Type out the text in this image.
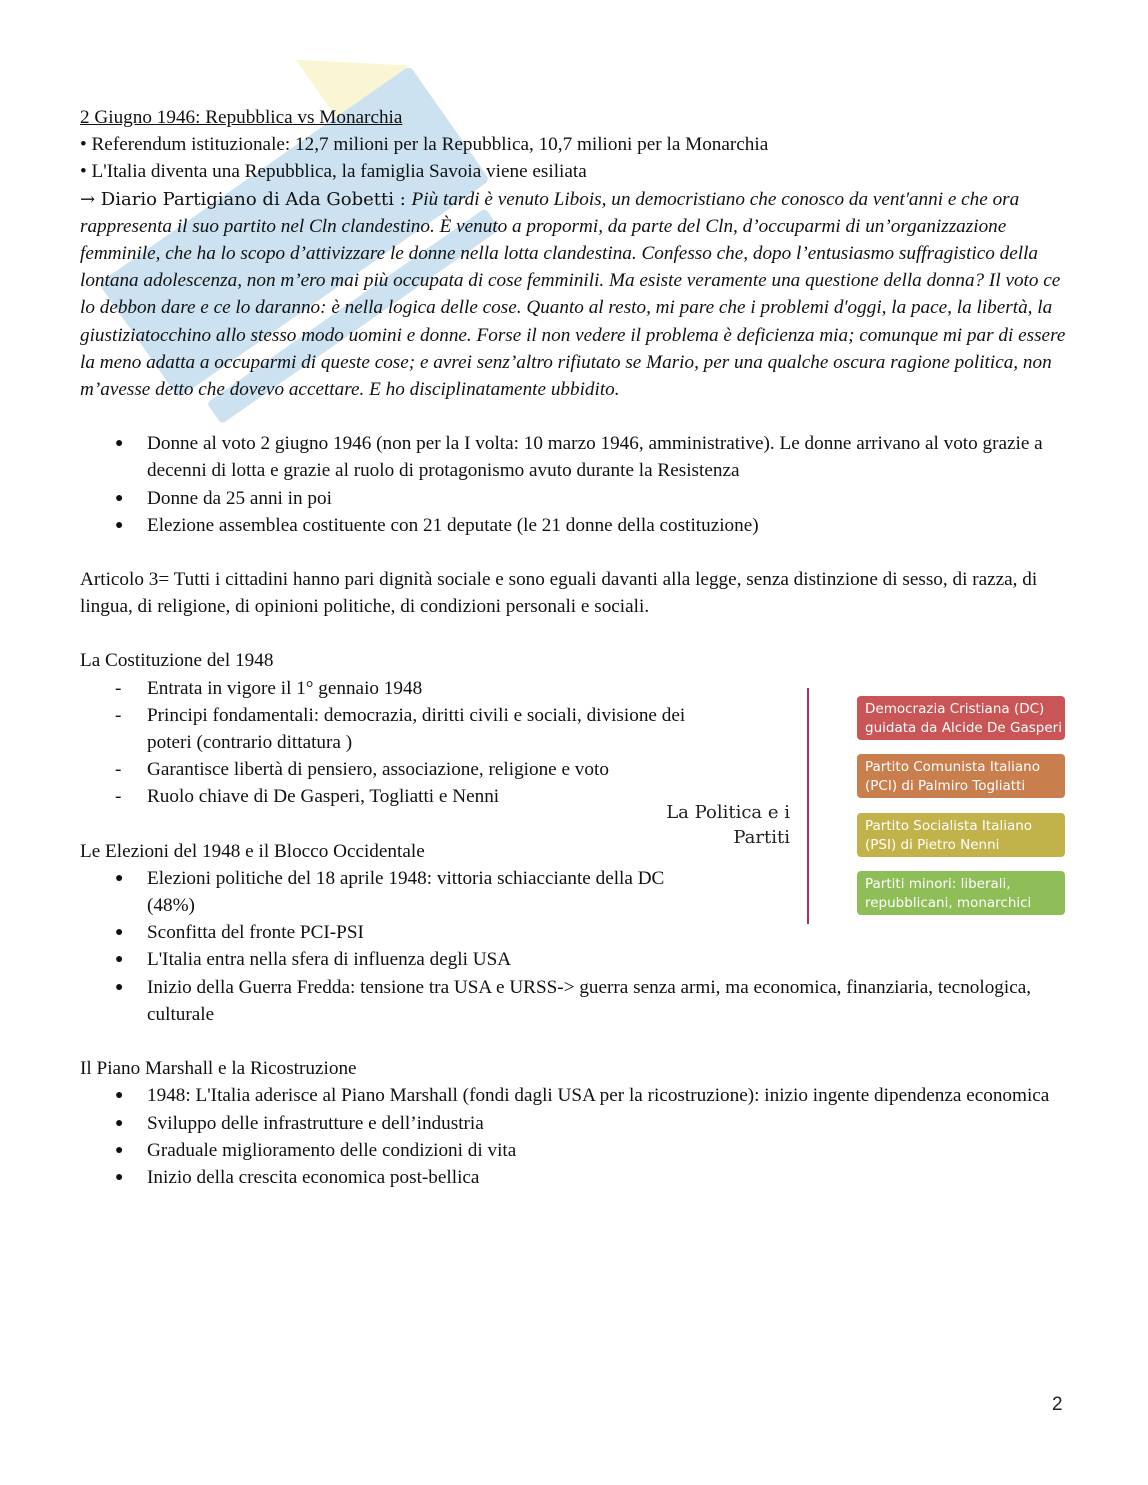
2 Giugno 1946: Repubblica vs Monarchia

• Referendum istituzionale: 12,7 milioni per la Repubblica, 10,7 milioni per la Monarchia

• L'Italia diventa una Repubblica, la famiglia Savoia viene esiliata

→ Diario Partigiano di Ada Gobetti : Più tardi è venuto Libois, un democristiano che conosco da vent'anni e che ora rappresenta il suo partito nel Cln clandestino. È venuto a propormi, da parte del Cln, d’occuparmi di un’organizzazione femminile, che ha lo scopo d’attivizzare le donne nella lotta clandestina. Confesso che, dopo l’entusiasmo suffragistico della lontana adolescenza, non m’ero mai più occupata di cose femminili. Ma esiste veramente una questione della donna? Il voto ce lo debbon dare e ce lo daranno: è nella logica delle cose. Quanto al resto, mi pare che i problemi d'oggi, la pace, la libertà, la giustiziatocchino allo stesso modo uomini e donne. Forse il non vedere il problema è deficienza mia; comunque mi par di essere la meno adatta a occuparmi di queste cose; e avrei senz’altro rifiutato se Mario, per una qualche oscura ragione politica, non m’avesse detto che dovevo accettare. E ho disciplinatamente ubbidito.

● Donne al voto 2 giugno 1946 (non per la I volta: 10 marzo 1946, amministrative). Le donne arrivano al voto grazie a decenni di lotta e grazie al ruolo di protagonismo avuto durante la Resistenza
● Donne da 25 anni in poi
● Elezione assemblea costituente con 21 deputate (le 21 donne della costituzione)

Articolo 3= Tutti i cittadini hanno pari dignità sociale e sono eguali davanti alla legge, senza distinzione di sesso, di razza, di lingua, di religione, di opinioni politiche, di condizioni personali e sociali.

La Costituzione del 1948

- Entrata in vigore il 1° gennaio 1948
- Principi fondamentali: democrazia, diritti civili e sociali, divisione dei poteri (contrario dittatura )
- Garantisce libertà di pensiero, associazione, religione e voto
- Ruolo chiave di De Gasperi, Togliatti e Nenni

Le Elezioni del 1948 e il Blocco Occidentale

● Elezioni politiche del 18 aprile 1948: vittoria schiacciante della DC (48%)
● Sconfitta del fronte PCI-PSI
● L'Italia entra nella sfera di influenza degli USA
● Inizio della Guerra Fredda: tensione tra USA e URSS-> guerra senza armi, ma economica, finanziaria, tecnologica, culturale

Il Piano Marshall e la Ricostruzione

● 1948: L'Italia aderisce al Piano Marshall (fondi dagli USA per la ricostruzione): inizio ingente dipendenza economica
● Sviluppo delle infrastrutture e dell’industria
● Graduale miglioramento delle condizioni di vita
● Inizio della crescita economica post-bellica
La Politica e i Partiti
Democrazia Cristiana (DC) guidata da Alcide De Gasperi
Partito Comunista Italiano (PCI) di Palmiro Togliatti
Partito Socialista Italiano (PSI) di Pietro Nenni
Partiti minori: liberali, repubblicani, monarchici
2
